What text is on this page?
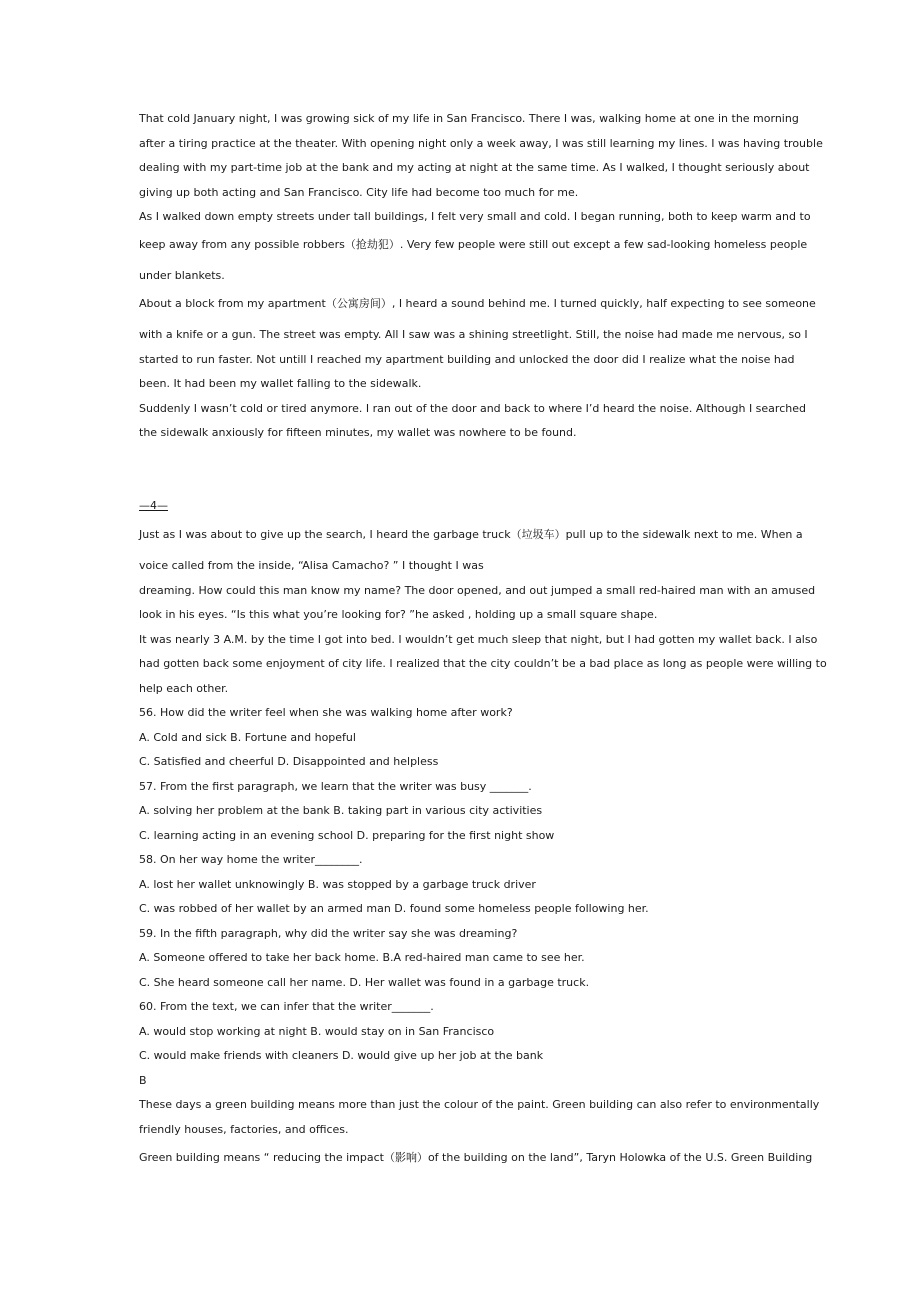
That cold January night, I was growing sick of my life in San Francisco. There I was, walking home at one in the morning

after a tiring practice at the theater. With opening night only a week away, I was still learning my lines. I was having trouble

dealing with my part-time job at the bank and my acting at night at the same time. As I walked, I thought seriously about

giving up both acting and San Francisco. City life had become too much for me.

As I walked down empty streets under tall buildings, I felt very small and cold. I began running, both to keep warm and to

keep away from any possible robbers（抢劫犯）. Very few people were still out except a few sad-looking homeless people

under blankets.

About a block from my apartment（公寓房间）, I heard a sound behind me. I turned quickly, half expecting to see someone

with a knife or a gun. The street was empty. All I saw was a shining streetlight. Still, the noise had made me nervous, so I

started to run faster. Not untill I reached my apartment building and unlocked the door did I realize what the noise had

been. It had been my wallet falling to the sidewalk.

Suddenly I wasn’t cold or tired anymore. I ran out of the door and back to where I’d heard the noise. Although I searched

the sidewalk anxiously for fifteen minutes, my wallet was nowhere to be found.

—4—

Just as I was about to give up the search, I heard the garbage truck（垃圾车）pull up to the sidewalk next to me. When a

voice called from the inside, “Alisa Camacho? ” I thought I was

dreaming. How could this man know my name? The door opened, and out jumped a small red-haired man with an amused

look in his eyes. “Is this what you’re looking for? ”he asked , holding up a small square shape.

It was nearly 3 A.M. by the time I got into bed. I wouldn’t get much sleep that night, but I had gotten my wallet back. I also

had gotten back some enjoyment of city life. I realized that the city couldn’t be a bad place as long as people were willing to

help each other.

56. How did the writer feel when she was walking home after work?

A. Cold and sick B. Fortune and hopeful

C. Satisfied and cheerful D. Disappointed and helpless

57. From the first paragraph, we learn that the writer was busy _______.

A. solving her problem at the bank B. taking part in various city activities

C. learning acting in an evening school D. preparing for the first night show

58. On her way home the writer________.

A. lost her wallet unknowingly B. was stopped by a garbage truck driver

C. was robbed of her wallet by an armed man D. found some homeless people following her.

59. In the fifth paragraph, why did the writer say she was dreaming?

A. Someone offered to take her back home. B.A red-haired man came to see her.

C. She heard someone call her name. D. Her wallet was found in a garbage truck.

60. From the text, we can infer that the writer_______.

A. would stop working at night B. would stay on in San Francisco

C. would make friends with cleaners D. would give up her job at the bank

B

These days a green building means more than just the colour of the paint. Green building can also refer to environmentally

friendly houses, factories, and offices.

Green building means “ reducing the impact（影响）of the building on the land”, Taryn Holowka of the U.S. Green Building
